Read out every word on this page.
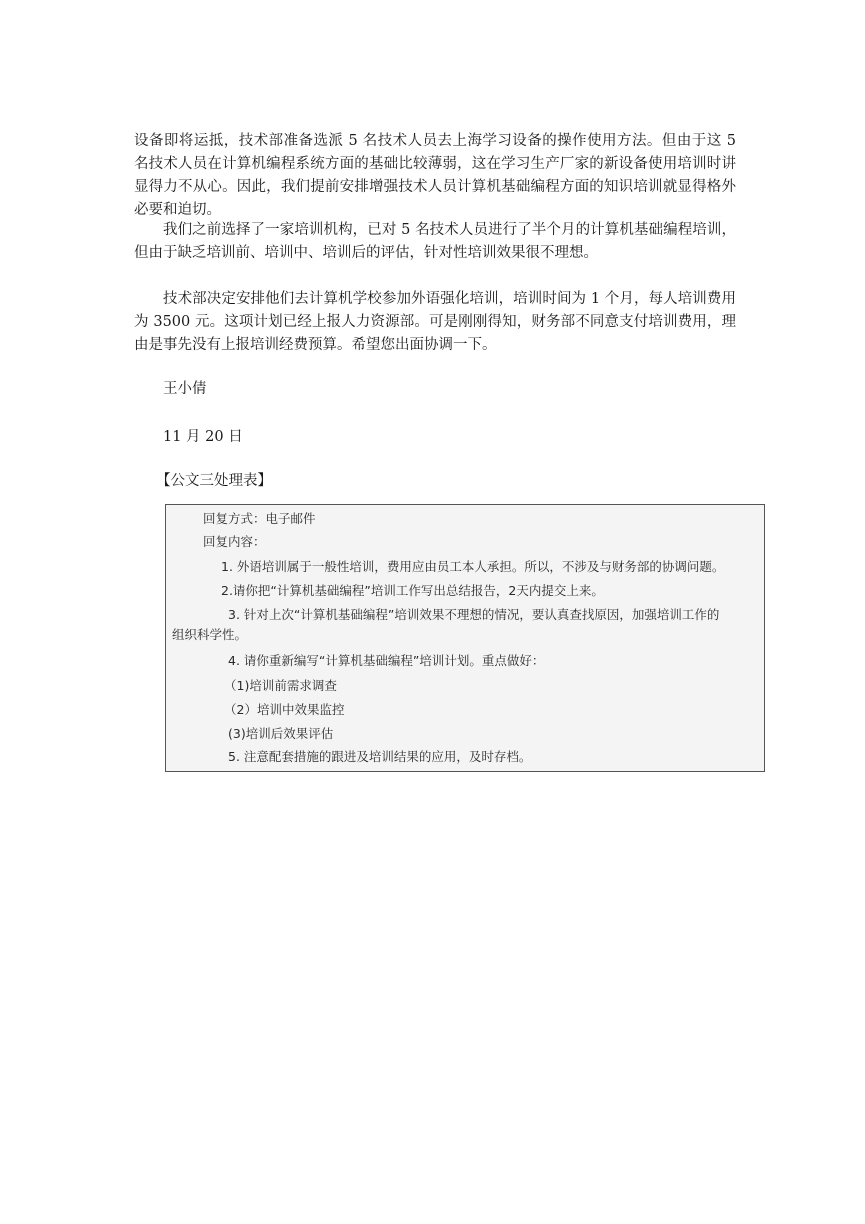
设备即将运抵，技术部准备选派 5 名技术人员去上海学习设备的操作使用方法。但由于这 5 名技术人员在计算机编程系统方面的基础比较薄弱，这在学习生产厂家的新设备使用培训时讲显得力不从心。因此，我们提前安排增强技术人员计算机基础编程方面的知识培训就显得格外必要和迫切。

我们之前选择了一家培训机构，已对 5 名技术人员进行了半个月的计算机基础编程培训，但由于缺乏培训前、培训中、培训后的评估，针对性培训效果很不理想。

技术部决定安排他们去计算机学校参加外语强化培训，培训时间为 1 个月，每人培训费用为 3500 元。这项计划已经上报人力资源部。可是刚刚得知，财务部不同意支付培训费用，理由是事先没有上报培训经费预算。希望您出面协调一下。

王小倩

11 月 20 日

【公文三处理表】

回复方式：电子邮件

回复内容：

1. 外语培训属于一般性培训，费用应由员工本人承担。所以，不涉及与财务部的协调问题。

2.请你把“计算机基础编程”培训工作写出总结报告，2天内提交上来。

3. 针对上次“计算机基础编程”培训效果不理想的情况，要认真查找原因，加强培训工作的

组织科学性。

4. 请你重新编写“计算机基础编程”培训计划。重点做好：

（1)培训前需求调查

（2）培训中效果监控

(3)培训后效果评估

5. 注意配套措施的跟进及培训结果的应用，及时存档。
